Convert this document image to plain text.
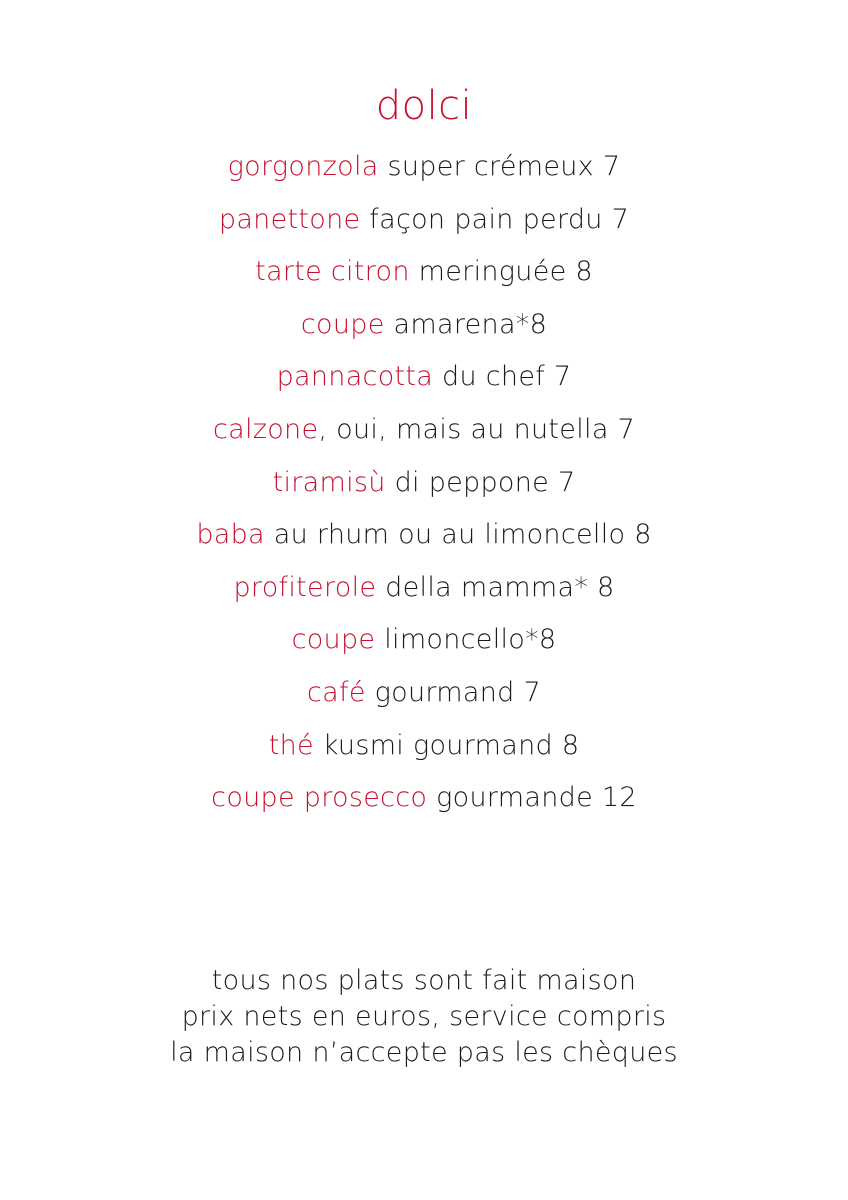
dolci
gorgonzola super crémeux 7
panettone façon pain perdu 7
tarte citron meringuée 8
coupe amarena*8
pannacotta du chef 7
calzone, oui, mais au nutella 7
tiramisù di peppone 7
baba au rhum ou au limoncello 8
profiterole della mamma* 8
coupe limoncello*8
café gourmand 7
thé kusmi gourmand 8
coupe prosecco gourmande 12

tous nos plats sont fait maison

prix nets en euros, service compris

la maison n’accepte pas les chèques
